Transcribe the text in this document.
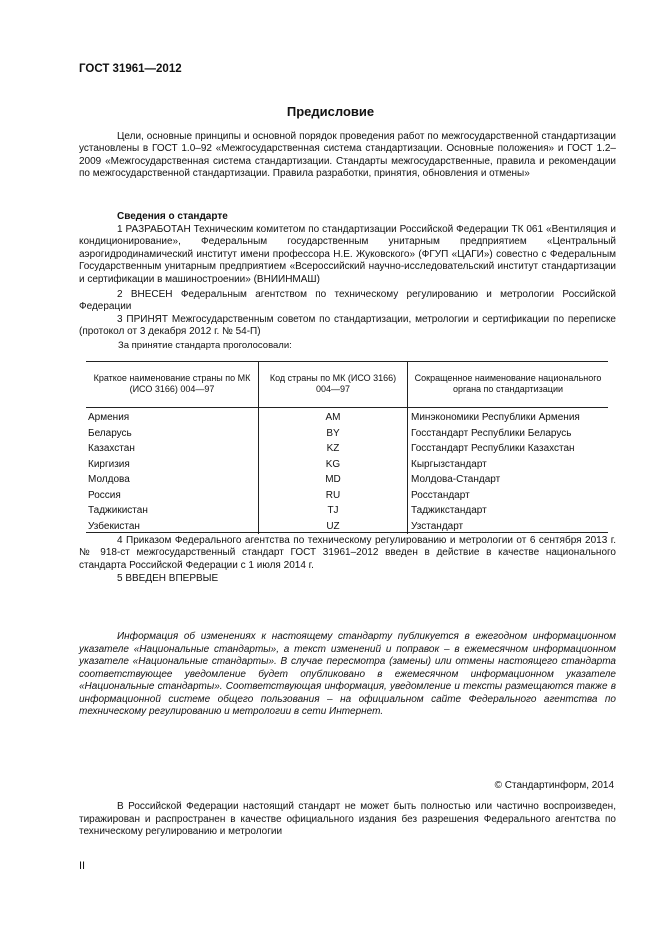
ГОСТ 31961—2012
Предисловие

Цели, основные принципы и основной порядок проведения работ по межгосударственной стандартизации установлены в ГОСТ 1.0–92 «Межгосударственная система стандартизации. Основные положения» и ГОСТ 1.2–2009 «Межгосударственная система стандартизации. Стандарты межгосударственные, правила и рекомендации по межгосударственной стандартизации. Правила разработки, принятия, обновления и отмены»

Сведения о стандарте

1 РАЗРАБОТАН Техническим комитетом по стандартизации Российской Федерации ТК 061 «Вентиляция и кондиционирование», Федеральным государственным унитарным предприятием «Центральный аэрогидродинамический институт имени профессора Н.Е. Жуковского» (ФГУП «ЦАГИ») совестно с Федеральным Государственным унитарным предприятием «Всероссийский научно-исследовательский институт стандартизации и сертификации в машиностроении» (ВНИИНМАШ)

2 ВНЕСЕН Федеральным агентством по техническому регулированию и метрологии Российской Федерации

3 ПРИНЯТ Межгосударственным советом по стандартизации, метрологии и сертификации по переписке (протокол от 3 декабря 2012 г. № 54-П)

За принятие стандарта проголосовали:
Краткое наименование страны по МК (ИСО 3166) 004—97	Код страны по МК (ИСО 3166) 004—97	Сокращенное наименование национального органа по стандартизации
Армения	AM	Минэкономики Республики Армения
Беларусь	BY	Госстандарт Республики Беларусь
Казахстан	KZ	Госстандарт Республики Казахстан
Киргизия	KG	Кыргызстандарт
Молдова	MD	Молдова-Стандарт
Россия	RU	Росстандарт
Таджикистан	TJ	Таджикстандарт
Узбекистан	UZ	Узстандарт

4 Приказом Федерального агентства по техническому регулированию и метрологии от 6 сентября 2013 г. № 918-ст межгосударственный стандарт ГОСТ 31961–2012 введен в действие в качестве национального стандарта Российской Федерации с 1 июля 2014 г.

5 ВВЕДЕН ВПЕРВЫЕ

Информация об изменениях к настоящему стандарту публикуется в ежегодном информационном указателе «Национальные стандарты», а текст изменений и поправок – в ежемесячном информационном указателе «Национальные стандарты». В случае пересмотра (замены) или отмены настоящего стандарта соответствующее уведомление будет опубликовано в ежемесячном информационном указателе «Национальные стандарты». Соответствующая информация, уведомление и тексты размещаются также в информационной системе общего пользования – на официальном сайте Федерального агентства по техническому регулированию и метрологии в сети Интернет.

© Стандартинформ, 2014

В Российской Федерации настоящий стандарт не может быть полностью или частично воспроизведен, тиражирован и распространен в качестве официального издания без разрешения Федерального агентства по техническому регулированию и метрологии

II
